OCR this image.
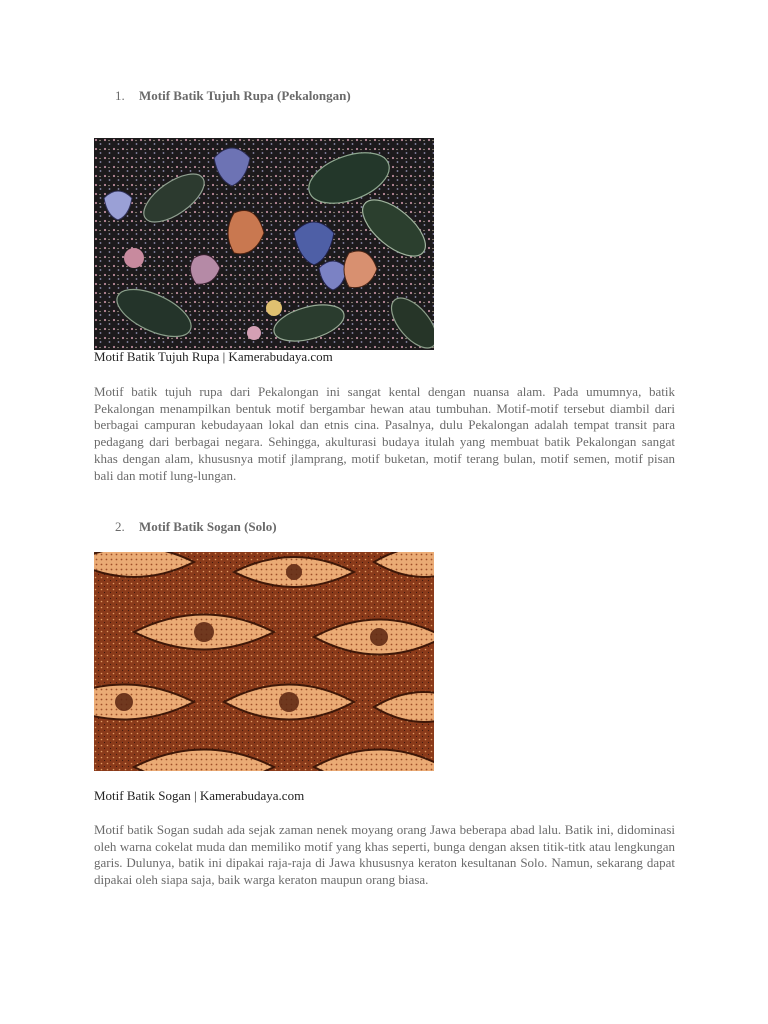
1. Motif Batik Tujuh Rupa (Pekalongan)
Motif Batik Tujuh Rupa | Kamerabudaya.com

Motif batik tujuh rupa dari Pekalongan ini sangat kental dengan nuansa alam. Pada umumnya, batik Pekalongan menampilkan bentuk motif bergambar hewan atau tumbuhan. Motif-motif tersebut diambil dari berbagai campuran kebudayaan lokal dan etnis cina. Pasalnya, dulu Pekalongan adalah tempat transit para pedagang dari berbagai negara. Sehingga, akulturasi budaya itulah yang membuat batik Pekalongan sangat khas dengan alam, khususnya motif jlamprang, motif buketan, motif terang bulan, motif semen, motif pisan bali dan motif lung-lungan.

2. Motif Batik Sogan (Solo)
Motif Batik Sogan | Kamerabudaya.com

Motif batik Sogan sudah ada sejak zaman nenek moyang orang Jawa beberapa abad lalu. Batik ini, didominasi oleh warna cokelat muda dan memiliko motif yang khas seperti, bunga dengan aksen titik-titk atau lengkungan garis. Dulunya, batik ini dipakai raja-raja di Jawa khususnya keraton kesultanan Solo. Namun, sekarang dapat dipakai oleh siapa saja, baik warga keraton maupun orang biasa.
